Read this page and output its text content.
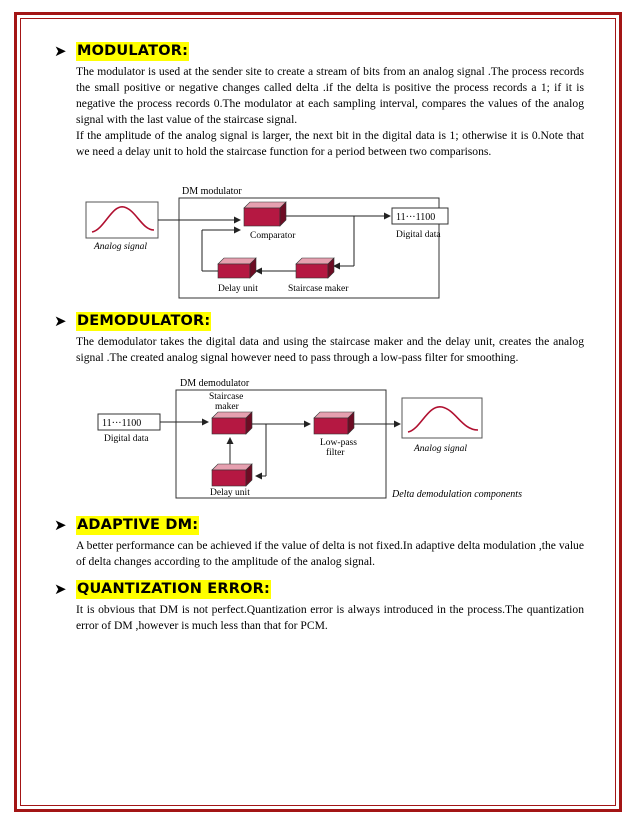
➤ MODULATOR:

The modulator is used at the sender site to create a stream of bits from an analog signal .The process records the small positive or negative changes called delta .if the delta is positive the process records a 1; if it is negative the process records 0.The modulator at each sampling interval, compares the values of the analog signal with the last value of the staircase signal.

If the amplitude of the analog signal is larger, the next bit in the digital data is 1; otherwise it is 0.Note that we need a delay unit to hold the staircase function for a period between two comparisons.

DM modulator
Analog signal
Comparator
11···1100
Digital data
Staircase maker
Delay unit
➤ DEMODULATOR:

The demodulator takes the digital data and using the staircase maker and the delay unit, creates the analog signal .The created analog signal however need to pass through a low-pass filter for smoothing.

DM demodulator
11···1100
Digital data
Staircase
maker
Low-pass
filter	Analog signal
Delay unit	Delta demodulation components
➤ ADAPTIVE DM:

A better performance can be achieved if the value of delta is not fixed.In adaptive delta modulation ,the value of delta changes according to the amplitude of the analog signal.

➤ QUANTIZATION ERROR:

It is obvious that DM is not perfect.Quantization error is always introduced in the process.The quantization error of DM ,however is much less than that for PCM.
